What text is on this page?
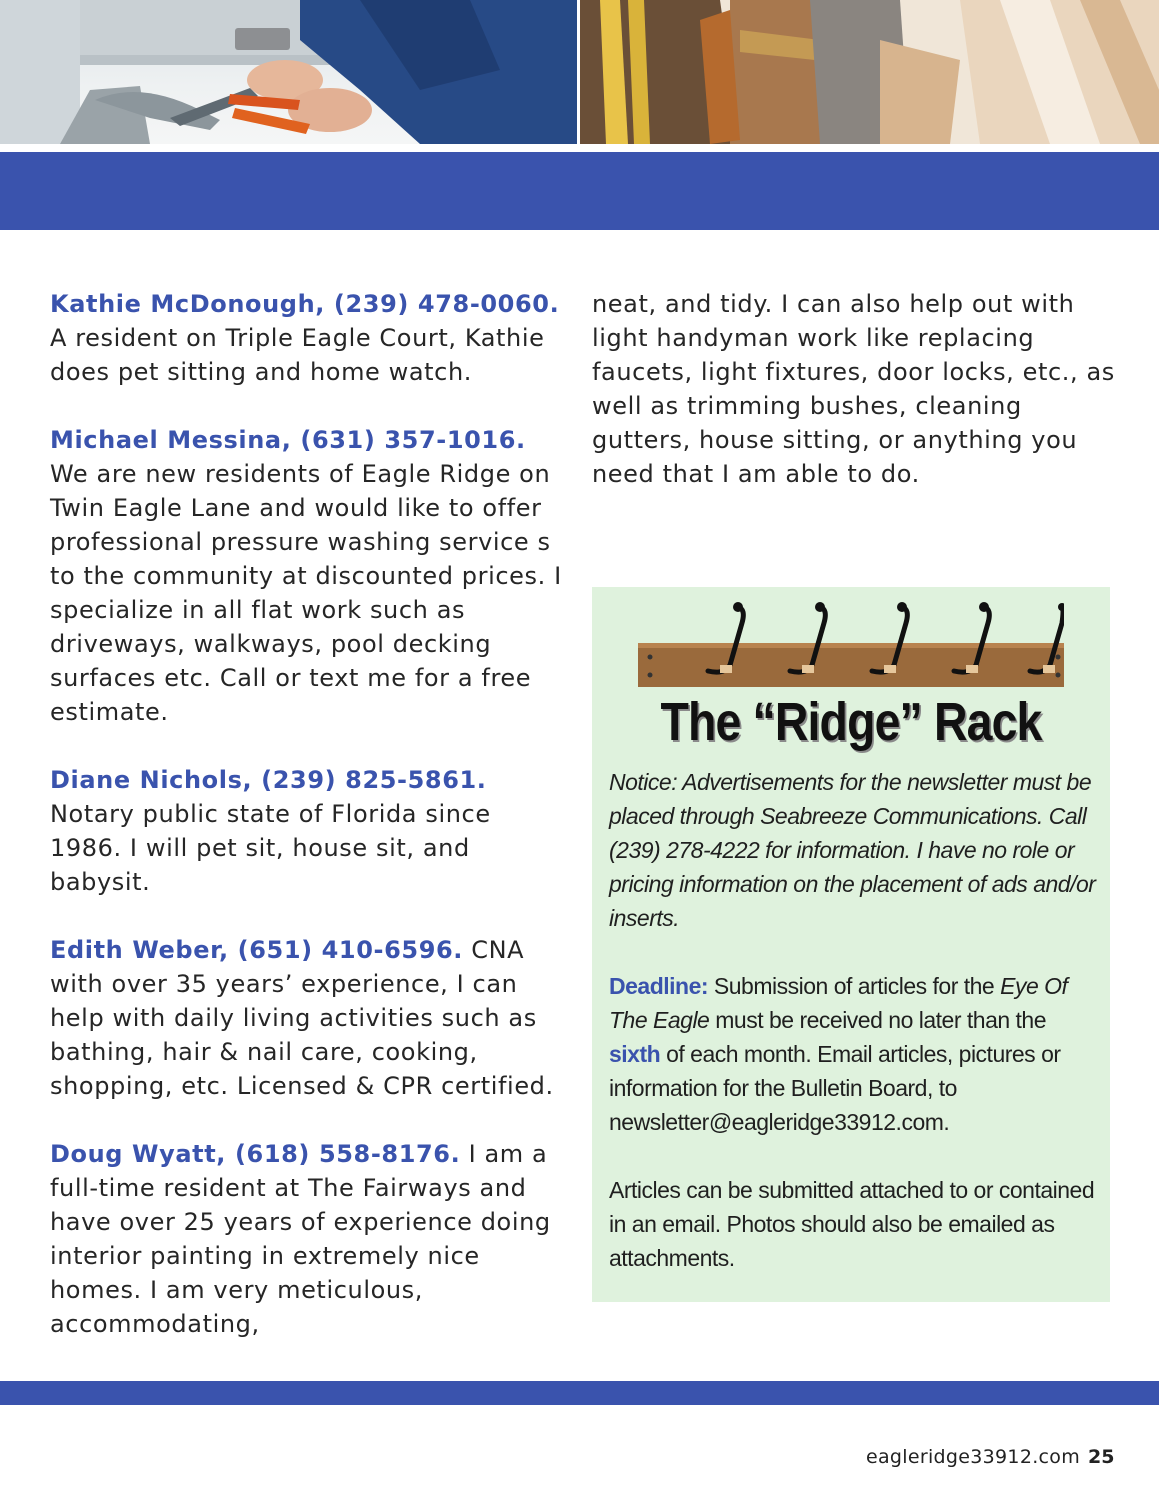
Kathie McDonough, (239) 478-0060. A resident on Triple Eagle Court, Kathie does pet sitting and home watch.

Michael Messina, (631) 357-1016. We are new residents of Eagle Ridge on Twin Eagle Lane and would like to offer professional pressure washing service s to the community at discounted prices. I specialize in all flat work such as driveways, walkways, pool decking surfaces etc. Call or text me for a free estimate.

Diane Nichols, (239) 825-5861. Notary public state of Florida since 1986. I will pet sit, house sit, and babysit.

Edith Weber, (651) 410-6596. CNA with over 35 years’ experience, I can help with daily living activities such as bathing, hair & nail care, cooking, shopping, etc. Licensed & CPR certified.

Doug Wyatt, (618) 558-8176. I am a full-time resident at The Fairways and have over 25 years of experience doing interior painting in extremely nice homes. I am very meticulous, accommodating,

neat, and tidy. I can also help out with light handyman work like replacing faucets, light fixtures, door locks, etc., as well as trimming bushes, cleaning gutters, house sitting, or anything you need that I am able to do.
The “Ridge” Rack
Notice: Advertisements for the newsletter must be placed through Seabreeze Communications. Call (239) 278-4222 for information. I have no role or pricing information on the placement of ads and/or inserts.
Deadline: Submission of articles for the Eye Of The Eagle must be received no later than the sixth of each month. Email articles, pictures or information for the Bulletin Board, to newsletter@eagleridge33912.com.
Articles can be submitted attached to or contained in an email. Photos should also be emailed as attachments.
eagleridge33912.com 25
